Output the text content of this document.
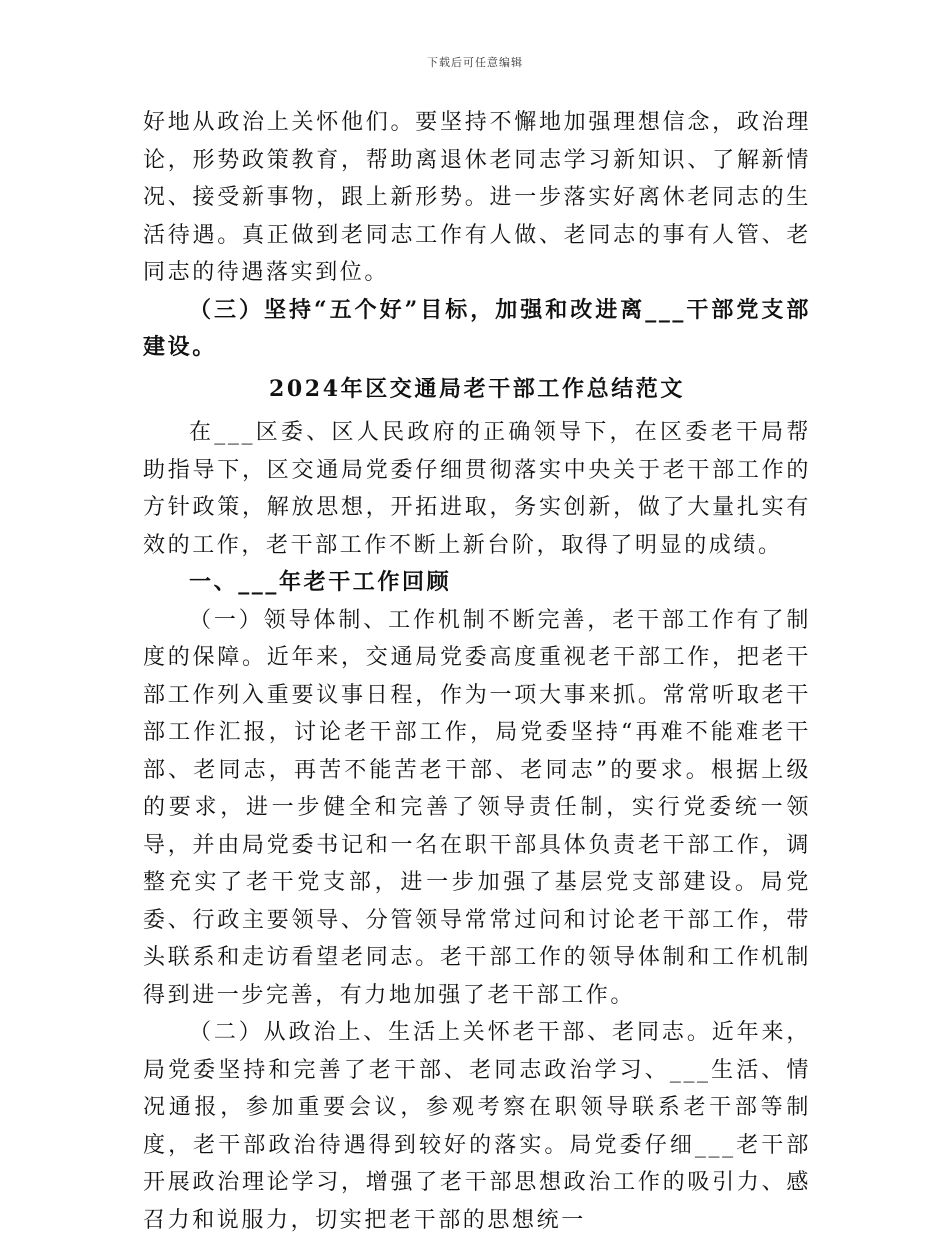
下载后可任意编辑

好地从政治上关怀他们。要坚持不懈地加强理想信念，政治理论，形势政策教育，帮助离退休老同志学习新知识、了解新情况、接受新事物，跟上新形势。进一步落实好离休老同志的生活待遇。真正做到老同志工作有人做、老同志的事有人管、老同志的待遇落实到位。

（三）坚持“五个好”目标，加强和改进离___干部党支部建设。

2024年区交通局老干部工作总结范文

在___区委、区人民政府的正确领导下，在区委老干局帮助指导下，区交通局党委仔细贯彻落实中央关于老干部工作的方针政策，解放思想，开拓进取，务实创新，做了大量扎实有效的工作，老干部工作不断上新台阶，取得了明显的成绩。

一、___年老干工作回顾

（一）领导体制、工作机制不断完善，老干部工作有了制度的保障。近年来，交通局党委高度重视老干部工作，把老干部工作列入重要议事日程，作为一项大事来抓。常常听取老干部工作汇报，讨论老干部工作，局党委坚持“再难不能难老干部、老同志，再苦不能苦老干部、老同志”的要求。根据上级的要求，进一步健全和完善了领导责任制，实行党委统一领导，并由局党委书记和一名在职干部具体负责老干部工作，调整充实了老干党支部，进一步加强了基层党支部建设。局党委、行政主要领导、分管领导常常过问和讨论老干部工作，带头联系和走访看望老同志。老干部工作的领导体制和工作机制得到进一步完善，有力地加强了老干部工作。

（二）从政治上、生活上关怀老干部、老同志。近年来，局党委坚持和完善了老干部、老同志政治学习、___生活、情况通报，参加重要会议，参观考察在职领导联系老干部等制度，老干部政治待遇得到较好的落实。局党委仔细___老干部开展政治理论学习，增强了老干部思想政治工作的吸引力、感召力和说服力，切实把老干部的思想统一
